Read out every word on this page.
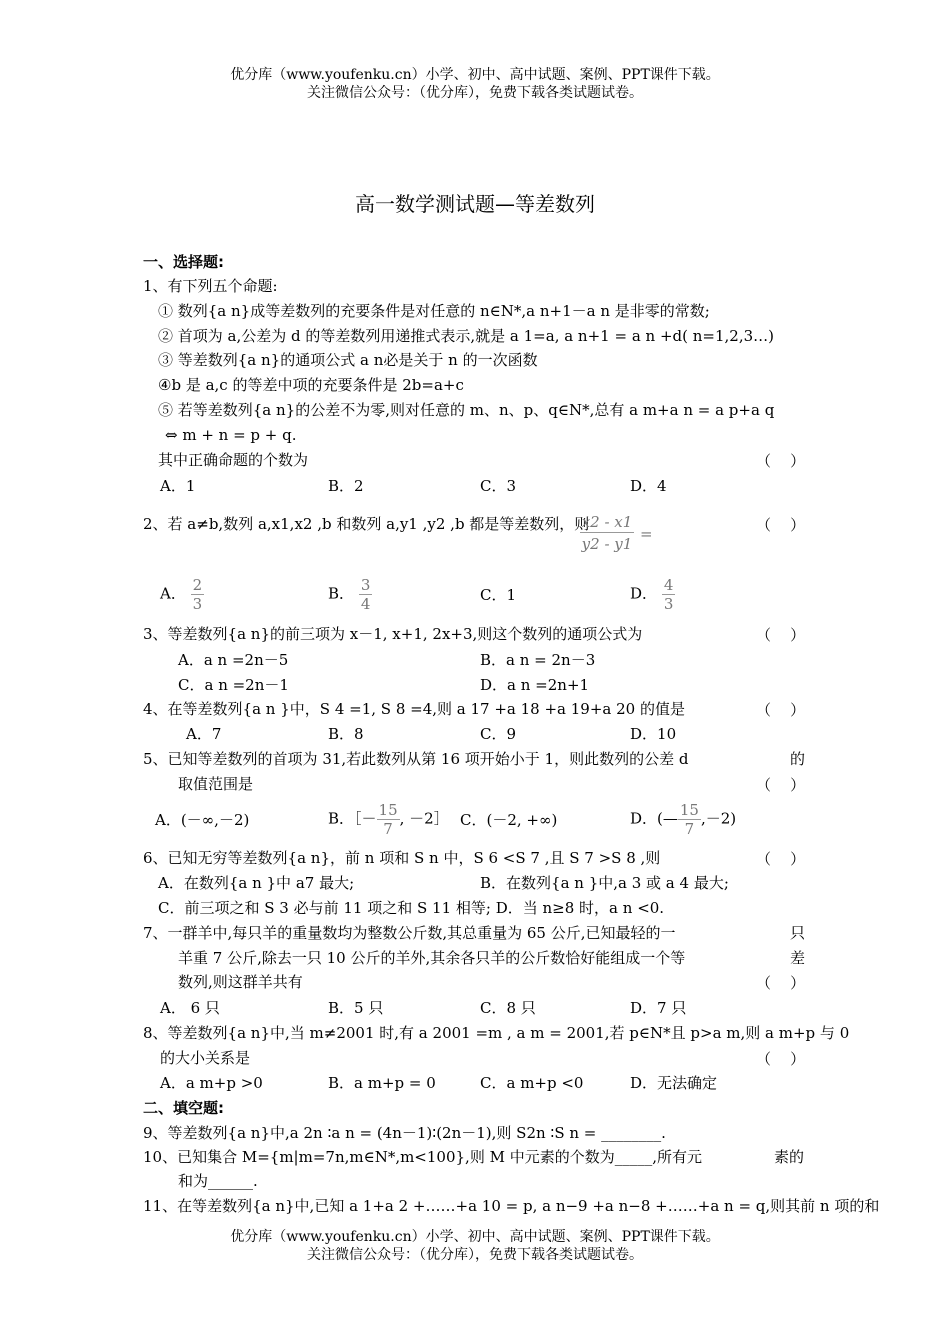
优分库（www.youfenku.cn）小学、初中、高中试题、案例、PPT课件下载。
关注微信公众号：（优分库），免费下载各类试题试卷。
高一数学测试题—等差数列
一、选择题:
1、有下列五个命题:
① 数列{a n}成等差数列的充要条件是对任意的 n∈N*,a n+1－a n 是非零的常数;
② 首项为 a,公差为 d 的等差数列用递推式表示,就是 a 1=a, a n+1 = a n +d( n=1,2,3…)
③ 等差数列{a n}的通项公式 a n必是关于 n 的一次函数
④b 是 a,c 的等差中项的充要条件是 2b=a+c
⑤ 若等差数列{a n}的公差不为零,则对任意的 m、n、p、q∈N*,总有 a m+a n = a p+a q
⇔ m + n = p + q.
其中正确命题的个数为	（    ）
A．1	B．2	C．3	D．4
2、若 a≠b,数列 a,x1,x2 ,b 和数列 a,y1 ,y2 ,b 都是等差数列，则
x2 - x1
y2 - y1
=	（    ）
A． $\frac{2}{3}$	B． $\frac{3}{4}$	C．1	D． $\frac{4}{3}$
3、等差数列{a n}的前三项为 x－1, x+1, 2x+3,则这个数列的通项公式为	（    ）
A．a n =2n－5	B．a n = 2n－3
C．a n =2n－1	D．a n =2n+1
4、在等差数列{a n }中，S 4 =1, S 8 =4,则 a 17 +a 18 +a 19+a 20 的值是	（    ）
A．7	B．8	C．9	D．10
5、已知等差数列的首项为 31,若此数列从第 16 项开始小于 1，则此数列的公差 d	的
取值范围是	（    ）
A．(－∞,－2)	B．［－ $\frac{15}{7}$ , －2］ C．(－2, +∞)	D．(— $\frac{15}{7} ,-2$)
6、已知无穷等差数列{a n}，前 n 项和 S n 中，S 6 <S 7 ,且 S 7 >S 8 ,则	（    ）
A．在数列{a n }中 a7 最大;	B．在数列{a n }中,a 3 或 a 4 最大;
C．前三项之和 S 3 必与前 11 项之和 S 11 相等; D．当 n≥8 时，a n <0.
7、一群羊中,每只羊的重量数均为整数公斤数,其总重量为 65 公斤,已知最轻的一	只
羊重 7 公斤,除去一只 10 公斤的羊外,其余各只羊的公斤数恰好能组成一个等	差
数列,则这群羊共有	（    ）
A． 6 只	B．5 只	C．8 只	D．7 只
8、等差数列{a n}中,当 m≠2001 时,有 a 2001 =m , a m = 2001,若 p∈N*且 p>a m,则 a m+p 与 0
的大小关系是	（    ）
A．a m+p >0	B．a m+p = 0	C．a m+p <0	D．无法确定
二、填空题:
9、等差数列{a n}中,a 2n ∶a n = (4n－1)∶(2n－1),则 S2n ∶S n = ________.
10、已知集合 M={m|m=7n,m∈N*,m<100},则 M 中元素的个数为_____,所有元	素的
和为______.
11、在等差数列{a n}中,已知 a 1+a 2 +……+a 10 = p, a n−9 +a n−8 +……+a n = q,则其前 n 项的和
优分库（www.youfenku.cn）小学、初中、高中试题、案例、PPT课件下载。
关注微信公众号：（优分库），免费下载各类试题试卷。
